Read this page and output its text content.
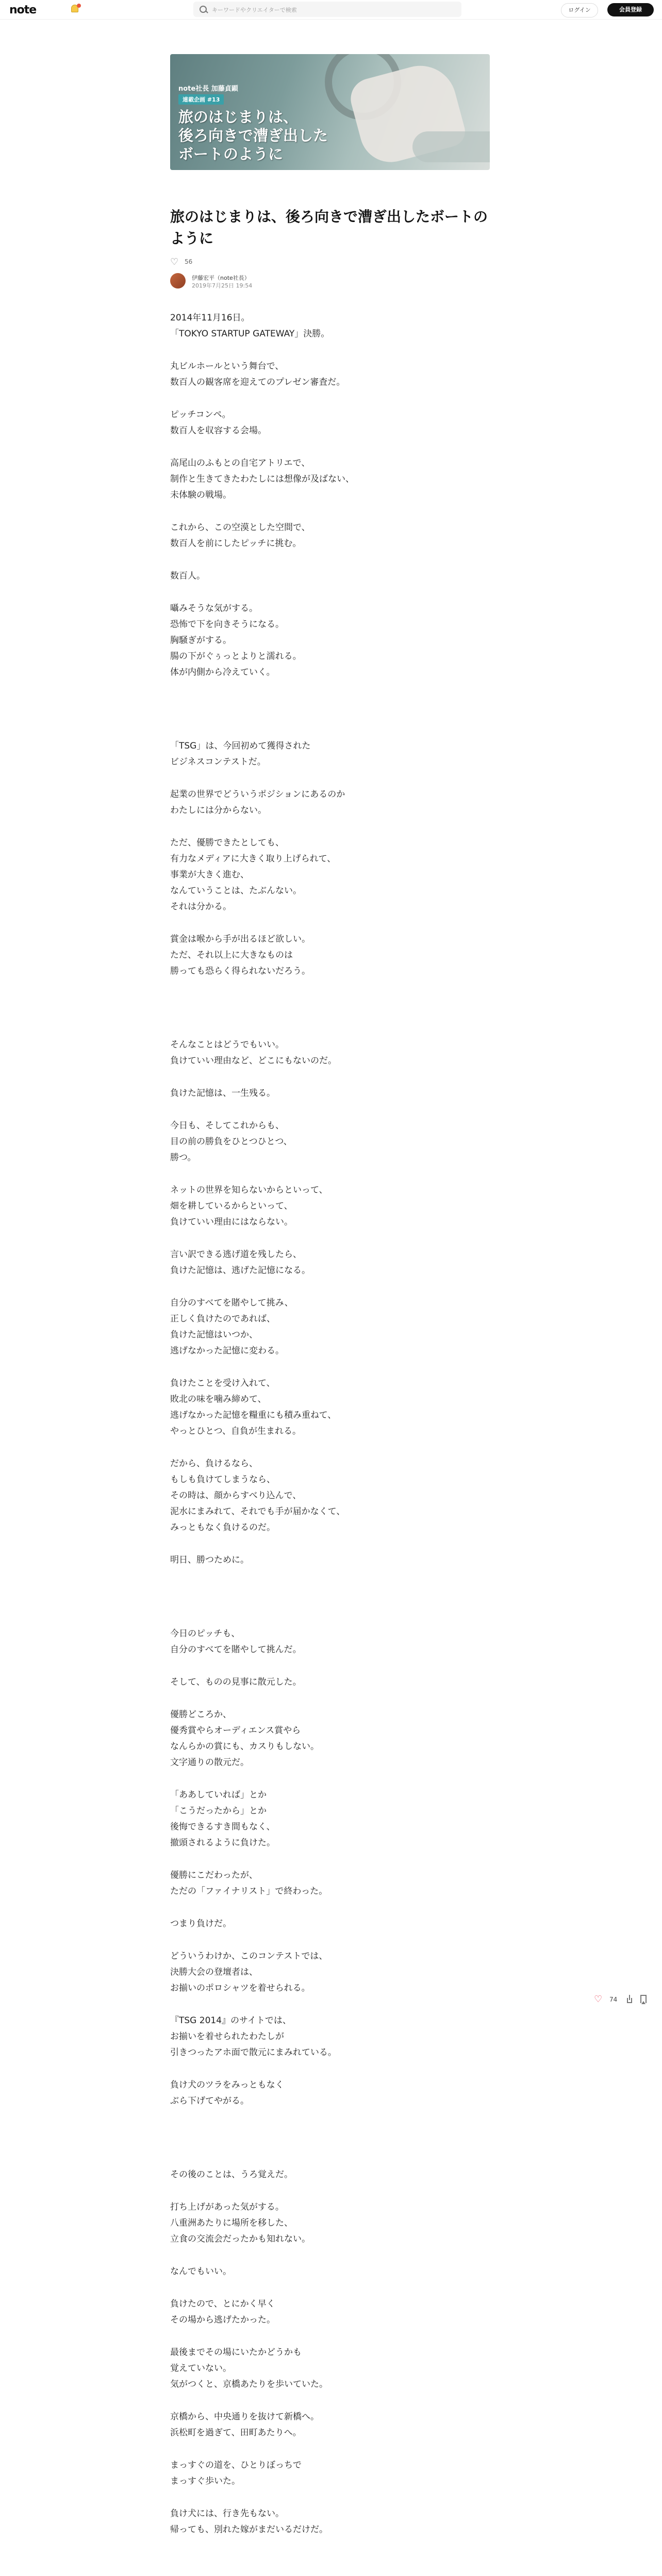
note
キーワードやクリエイターで検索	ログイン	会員登録
note社長 加藤貞顕
連載企画 #13
旅のはじまりは、
後ろ向きで漕ぎ出した
ボートのように
旅のはじまりは、後ろ向きで漕ぎ出したボートのように
♡ 56
伊藤宏平（note社長）
2019年7月25日 19:54

2014年11月16日。
「TOKYO STARTUP GATEWAY」決勝。

丸ビルホールという舞台で、
数百人の観客席を迎えてのプレゼン審査だ。

ピッチコンペ。
数百人を収容する会場。

高尾山のふもとの自宅アトリエで、
制作と生きてきたわたしには想像が及ばない、
未体験の戦場。

これから、この空漠とした空間で、
数百人を前にしたピッチに挑む。

数百人。

囁みそうな気がする。
恐怖で下を向きそうになる。
胸騒ぎがする。
腸の下がぐぅっとよりと濡れる。
体が内側から冷えていく。

「TSG」は、今回初めて獲得された
ビジネスコンテストだ。

起業の世界でどういうポジションにあるのか
わたしには分からない。

ただ、優勝できたとしても、
有力なメディアに大きく取り上げられて、
事業が大きく進む、
なんていうことは、たぶんない。
それは分かる。

賞金は喉から手が出るほど欲しい。
ただ、それ以上に大きなものは
勝っても恐らく得られないだろう。

そんなことはどうでもいい。
負けていい理由など、どこにもないのだ。

負けた記憶は、一生残る。

今日も、そしてこれからも、
目の前の勝負をひとつひとつ、
勝つ。

ネットの世界を知らないからといって、
畑を耕しているからといって、
負けていい理由にはならない。

言い訳できる逃げ道を残したら、
負けた記憶は、逃げた記憶になる。

自分のすべてを賭やして挑み、
正しく負けたのであれば、
負けた記憶はいつか、
逃げなかった記憶に変わる。

負けたことを受け入れて、
敗北の味を噛み締めて、
逃げなかった記憶を糧重にも積み重ねて、
やっとひとつ、自負が生まれる。

だから、負けるなら、
もしも負けてしまうなら、
その時は、顔からすべり込んで、
泥水にまみれて、それでも手が届かなくて、
みっともなく負けるのだ。

明日、勝つために。

今日のピッチも、
自分のすべてを賭やして挑んだ。

そして、ものの見事に散元した。

優勝どころか、
優秀賞やらオーディエンス賞やら
なんらかの賞にも、カスりもしない。
文字通りの散元だ。

「ああしていれば」とか
「こうだったから」とか
後悔できるすき間もなく、
撤頭されるように負けた。

優勝にこだわったが、
ただの「ファイナリスト」で終わった。

つまり負けだ。

どういうわけか、このコンテストでは、
決勝大会の登壇者は、
お揃いのポロシャツを着せられる。

『TSG 2014』のサイトでは、
お揃いを着せられたわたしが
引きつったアホ面で散元にまみれている。

負け犬のツラをみっともなく
ぶら下げてやがる。

その後のことは、うろ覚えだ。

打ち上げがあった気がする。
八重洲あたりに場所を移した、
立食の交流会だったかも知れない。

なんでもいい。

負けたので、とにかく早く
その場から逃げたかった。

最後までその場にいたかどうかも
覚えていない。
気がつくと、京橋あたりを歩いていた。

京橋から、中央通りを抜けて新橋へ。
浜松町を過ぎて、田町あたりへ。

まっすぐの道を、ひとりぼっちで
まっすぐ歩いた。

負け犬には、行き先もない。
帰っても、別れた嫁がまだいるだけだ。

♡ 74
